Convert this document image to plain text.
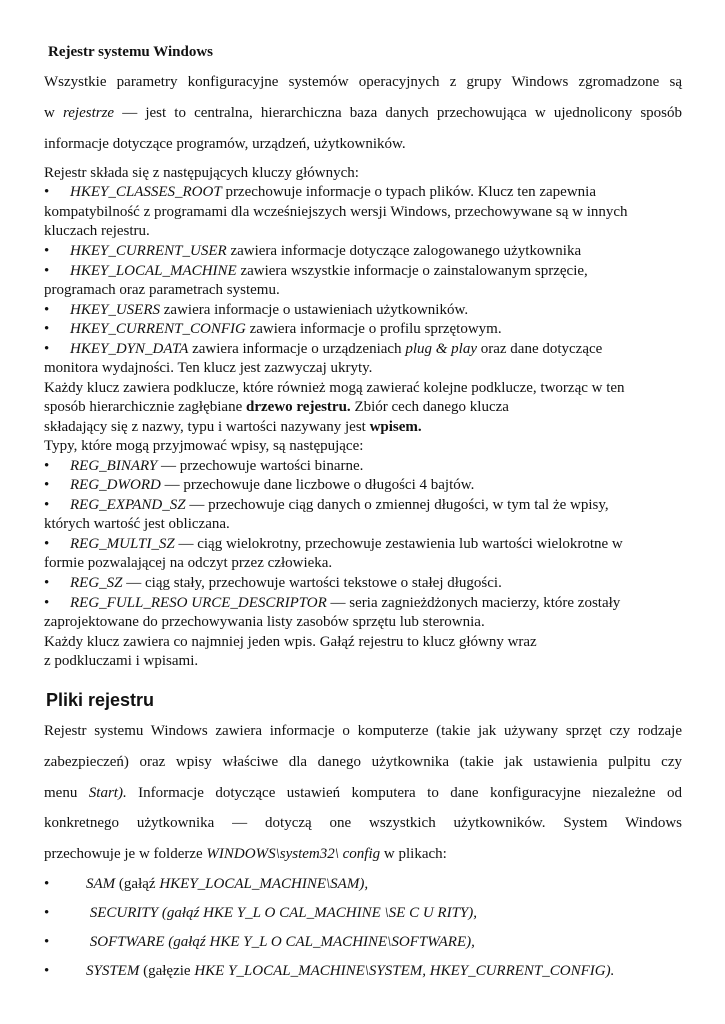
Rejestr systemu Windows
Wszystkie parametry konfiguracyjne systemów operacyjnych z grupy Windows zgromadzone są
w rejestrze — jest to centralna, hierarchiczna baza danych przechowująca w ujednolicony sposób
informacje dotyczące programów, urządzeń, użytkowników.
Rejestr składa się z następujących kluczy głównych:
• HKEY_CLASSES_ROOT przechowuje informacje o typach plików. Klucz ten zapewnia
kompatybilność z programami dla wcześniejszych wersji Windows, przechowywane są w innych
kluczach rejestru.
• HKEY_CURRENT_USER zawiera informacje dotyczące zalogowanego użytkownika
• HKEY_LOCAL_MACHINE zawiera wszystkie informacje o zainstalowanym sprzęcie,
programach oraz parametrach systemu.
• HKEY_USERS zawiera informacje o ustawieniach użytkowników.
• HKEY_CURRENT_CONFIG zawiera informacje o profilu sprzętowym.
• HKEY_DYN_DATA zawiera informacje o urządzeniach plug & play oraz dane dotyczące
monitora wydajności. Ten klucz jest zazwyczaj ukryty.
Każdy klucz zawiera podklucze, które również mogą zawierać kolejne podklucze, tworząc w ten
sposób hierarchicznie zagłębiane drzewo rejestru. Zbiór cech danego klucza
składający się z nazwy, typu i wartości nazywany jest wpisem.
Typy, które mogą przyjmować wpisy, są następujące:
• REG_BINARY — przechowuje wartości binarne.
• REG_DWORD — przechowuje dane liczbowe o długości 4 bajtów.
• REG_EXPAND_SZ — przechowuje ciąg danych o zmiennej długości, w tym tal że wpisy,
których wartość jest obliczana.
• REG_MULTI_SZ — ciąg wielokrotny, przechowuje zestawienia lub wartości wielokrotne w
formie pozwalającej na odczyt przez człowieka.
• REG_SZ — ciąg stały, przechowuje wartości tekstowe o stałej długości.
• REG_FULL_RESO URCE_DESCRIPTOR — seria zagnieżdżonych macierzy, które zostały
zaprojektowane do przechowywania listy zasobów sprzętu lub sterownia.
Każdy klucz zawiera co najmniej jeden wpis. Gałąź rejestru to klucz główny wraz
z podkluczami i wpisami.
Pliki rejestru
Rejestr systemu Windows zawiera informacje o komputerze (takie jak używany sprzęt czy rodzaje
zabezpieczeń) oraz wpisy właściwe dla danego użytkownika (takie jak ustawienia pulpitu czy
menu Start). Informacje dotyczące ustawień komputera to dane konfiguracyjne niezależne od
konkretnego użytkownika — dotyczą one wszystkich użytkowników. System Windows
przechowuje je w folderze WINDOWS\system32\ config w plikach:
• SAM (gałąź HKEY_LOCAL_MACHINE\SAM),
• SECURITY (gałąź HKE Y_L O CAL_MACHINE \SE C U RITY),
• SOFTWARE (gałąź HKE Y_L O CAL_MACHINE\SOFTWARE),
• SYSTEM (gałęzie HKE Y_LOCAL_MACHINE\SYSTEM, HKEY_CURRENT_CONFIG).
